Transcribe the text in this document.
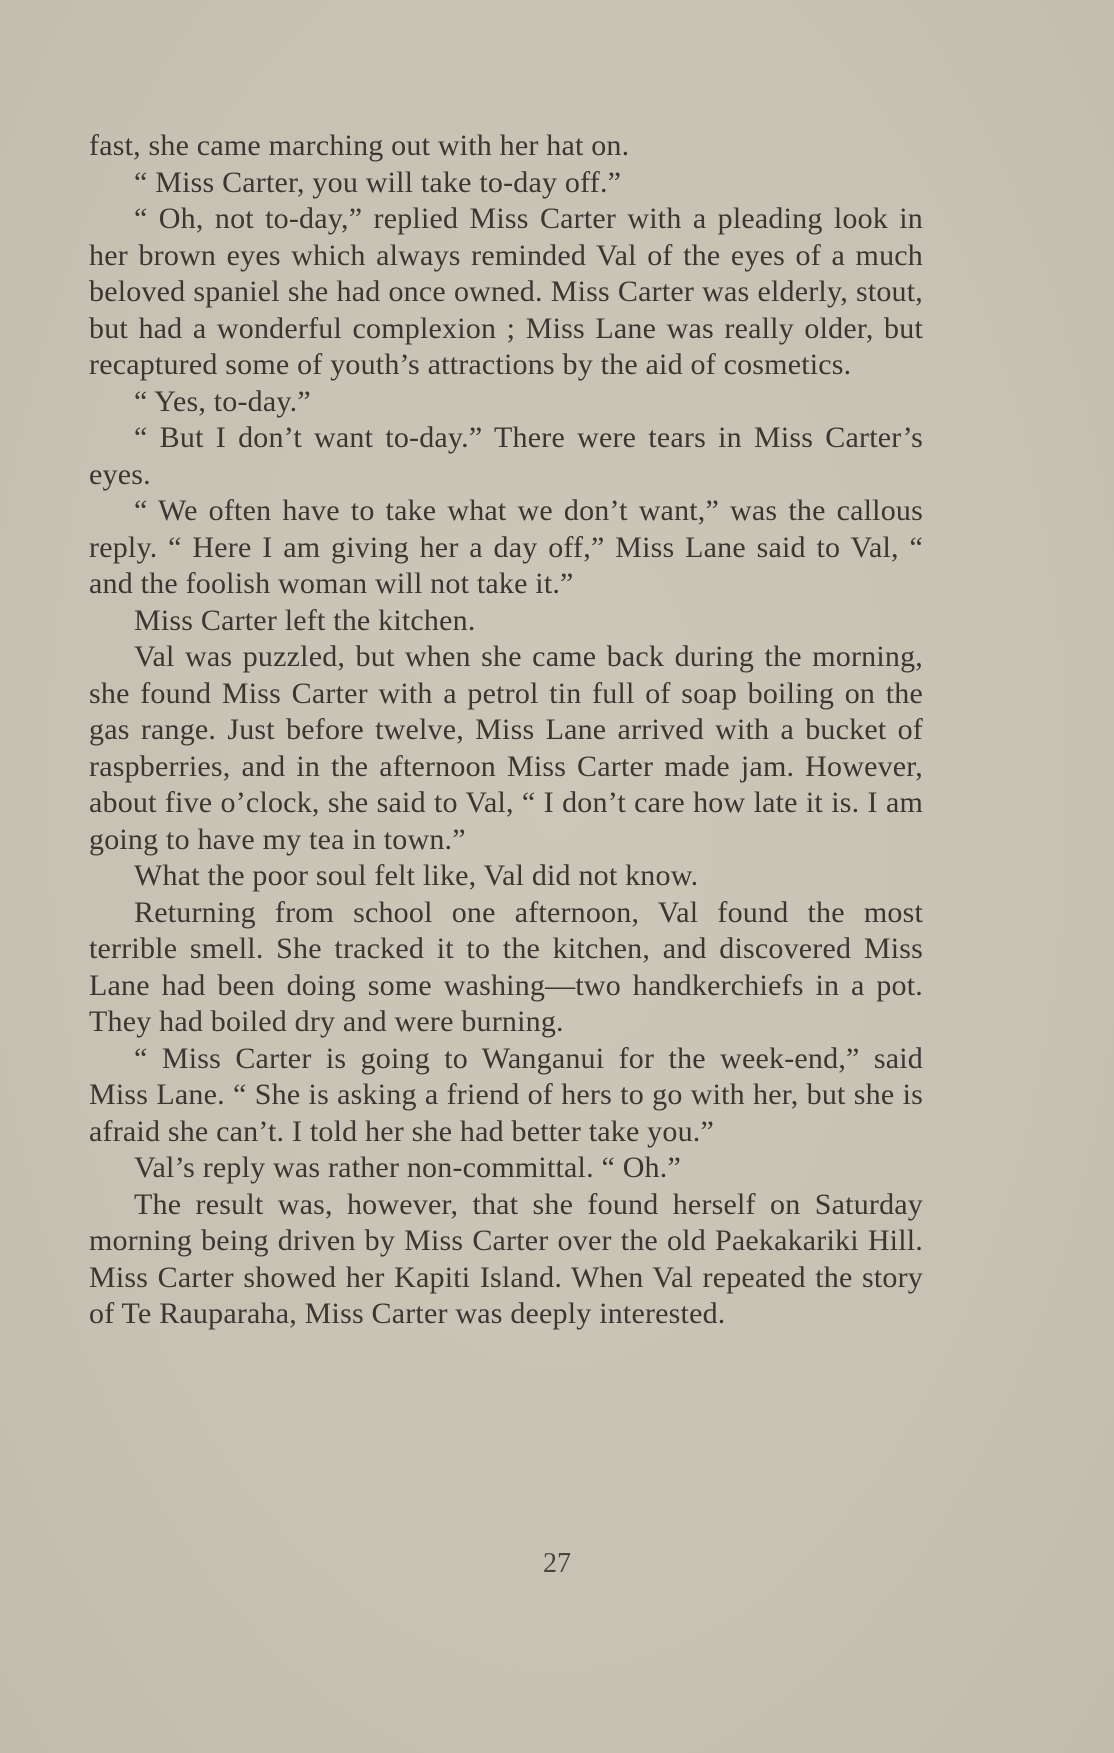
fast, she came marching out with her hat on.

“ Miss Carter, you will take to-day off.”

“ Oh, not to-day,” replied Miss Carter with a pleading look in her brown eyes which always reminded Val of the eyes of a much beloved spaniel she had once owned. Miss Carter was elderly, stout, but had a wonderful complexion ; Miss Lane was really older, but recaptured some of youth’s attractions by the aid of cosmetics.

“ Yes, to-day.”

“ But I don’t want to-day.” There were tears in Miss Carter’s eyes.

“ We often have to take what we don’t want,” was the callous reply. “ Here I am giving her a day off,” Miss Lane said to Val, “ and the foolish woman will not take it.”

Miss Carter left the kitchen.

Val was puzzled, but when she came back during the morning, she found Miss Carter with a petrol tin full of soap boiling on the gas range. Just before twelve, Miss Lane arrived with a bucket of raspberries, and in the afternoon Miss Carter made jam. However, about five o’clock, she said to Val, “ I don’t care how late it is. I am going to have my tea in town.”

What the poor soul felt like, Val did not know.

Returning from school one afternoon, Val found the most terrible smell. She tracked it to the kitchen, and discovered Miss Lane had been doing some washing—two handkerchiefs in a pot. They had boiled dry and were burning.

“ Miss Carter is going to Wanganui for the week-end,” said Miss Lane. “ She is asking a friend of hers to go with her, but she is afraid she can’t. I told her she had better take you.”

Val’s reply was rather non-committal. “ Oh.”

The result was, however, that she found herself on Saturday morning being driven by Miss Carter over the old Paekakariki Hill. Miss Carter showed her Kapiti Island. When Val repeated the story of Te Rauparaha, Miss Carter was deeply interested.

27
